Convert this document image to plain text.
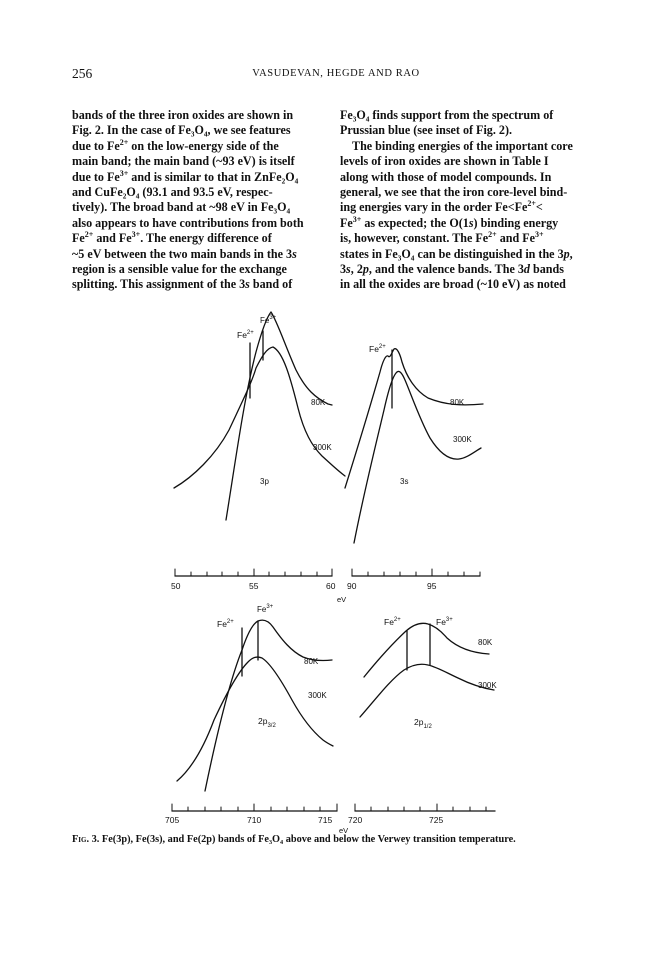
256	VASUDEVAN, HEGDE AND RAO

bands of the three iron oxides are shown in

Fig. 2. In the case of Fe₃O₄, we see features

due to $Fe^{2+}$ on the low-energy side of the

main band; the main band (~93 eV) is itself

due to $Fe^{3+}$ and is similar to that in ZnFe₂O₄

and CuFe₂O₄ (93.1 and 93.5 eV, respec-

tively). The broad band at ~98 eV in Fe₃O₄

also appears to have contributions from both

$Fe^{2+}$ and $Fe^{3+}$. The energy difference of

~5 eV between the two main bands in the 3s

region is a sensible value for the exchange

splitting. This assignment of the 3s band of

Fe₃O₄ finds support from the spectrum of

Prussian blue (see inset of Fig. 2).

The binding energies of the important core

levels of iron oxides are shown in Table I

along with those of model compounds. In

general, we see that the iron core-level bind-

ing energies vary in the order $Fe<Fe^{2+}<$

$Fe^{3+}$ as expected; the O(1s) binding energy

is, however, constant. The $Fe^{2+}$ and $Fe^{3+}$

states in Fe₃O₄ can be distinguished in the 3p,

3s, 2p, and the valence bands. The 3d bands

in all the oxides are broad (~10 eV) as noted

$Fe^{2+}$
$Fe^{3+}$
80K
300K
3p
$Fe^{2+}$
80K
300K
3s
50	55	60 90	95
eV
$Fe^{2+}$
$Fe^{3+}$
80K
300K
$2p_{3/2}$
$Fe^{2+}$	$Fe^{3+}$
80K
300K
$2p_{1/2}$
705	710	715 720	725
eV
Fig. 3. Fe(3p), Fe(3s), and Fe(2p) bands of Fe₃O₄ above and below the Verwey transition temperature.
